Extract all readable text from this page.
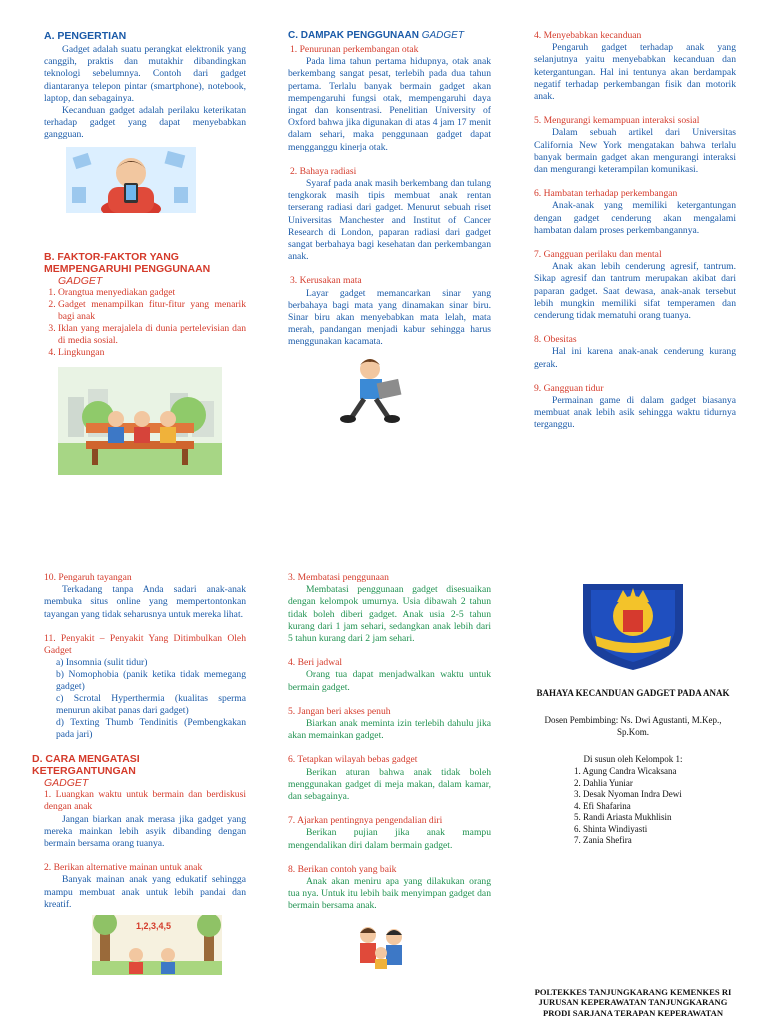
A. PENGERTIAN
Gadget adalah suatu perangkat elektronik yang canggih, praktis dan mutakhir dibandingkan teknologi sebelumnya. Contoh dari gadget diantaranya telepon pintar (smartphone), notebook, laptop, dan sebagainya.
Kecanduan gadget adalah perilaku keterikatan terhadap gadget yang dapat menyebabkan gangguan.
B. FAKTOR-FAKTOR YANG MEMPENGARUHI PENGGUNAAN
GADGET
1. Orangtua menyediakan gadget
2. Gadget menampilkan fitur-fitur yang menarik bagi anak
3. Iklan yang merajalela di dunia pertelevisian dan di media sosial.
4. Lingkungan
C. DAMPAK PENGGUNAAN GADGET
1. Penurunan perkembangan otak
Pada lima tahun pertama hidupnya, otak anak berkembang sangat pesat, terlebih pada dua tahun pertama. Terlalu banyak bermain gadget akan mempengaruhi fungsi otak, mempengaruhi daya ingat dan konsentrasi. Penelitian University of Oxford bahwa jika digunakan di atas 4 jam 17 menit dalam sehari, maka penggunaan gadget dapat mengganggu kinerja otak.
2. Bahaya radiasi
Syaraf pada anak masih berkembang dan tulang tengkorak masih tipis membuat anak rentan terserang radiasi dari gadget. Menurut sebuah riset Universitas Manchester and Institut of Cancer Research di London, paparan radiasi dari gadget sangat berbahaya bagi kesehatan dan perkembangan anak.
3. Kerusakan mata
Layar gadget memancarkan sinar yang berbahaya bagi mata yang dinamakan sinar biru. Sinar biru akan menyebabkan mata lelah, mata merah, pandangan menjadi kabur sehingga harus menggunakan kacamata.
4. Menyebabkan kecanduan
Pengaruh gadget terhadap anak yang selanjutnya yaitu menyebabkan kecanduan dan ketergantungan. Hal ini tentunya akan berdampak negatif terhadap perkembangan fisik dan motorik anak.
5. Mengurangi kemampuan interaksi sosial
Dalam sebuah artikel dari Universitas California New York mengatakan bahwa terlalu banyak bermain gadget akan mengurangi interaksi dan mengurangi keterampilan komunikasi.
6. Hambatan terhadap perkembangan
Anak-anak yang memiliki ketergantungan dengan gadget cenderung akan mengalami hambatan dalam proses perkembangannya.
7. Gangguan perilaku dan mental
Anak akan lebih cenderung agresif, tantrum. Sikap agresif dan tantrum merupakan akibat dari paparan gadget. Saat dewasa, anak-anak tersebut lebih mungkin memiliki sifat temperamen dan cenderung tidak mematuhi orang tuanya.
8. Obesitas
Hal ini karena anak-anak cenderung kurang gerak.
9. Gangguan tidur
Permainan game di dalam gadget biasanya membuat anak lebih asik sehingga waktu tidurnya terganggu.
10. Pengaruh tayangan
Terkadang tanpa Anda sadari anak-anak membuka situs online yang mempertontonkan tayangan yang tidak seharusnya untuk mereka lihat.
11. Penyakit – Penyakit Yang Ditimbulkan Oleh Gadget
a) Insomnia (sulit tidur)
b) Nomophobia (panik ketika tidak memegang gadget)
c) Scrotal Hyperthermia (kualitas sperma menurun akibat panas dari gadget)
d) Texting Thumb Tendinitis (Pembengkakan pada jari)
D. CARA MENGATASI KETERGANTUNGAN
GADGET
1. Luangkan waktu untuk bermain dan berdiskusi dengan anak
Jangan biarkan anak merasa jika gadget yang mereka mainkan lebih asyik dibanding dengan bermain bersama orang tuanya.
2. Berikan alternative mainan untuk anak
Banyak mainan anak yang edukatif sehingga mampu membuat anak untuk lebih pandai dan kreatif.
1,2,3,4,5
3. Membatasi penggunaan
Membatasi penggunaan gadget disesuaikan dengan kelompok umurnya. Usia dibawah 2 tahun tidak boleh diberi gadget. Anak usia 2-5 tahun kurang dari 1 jam sehari, sedangkan anak lebih dari 5 tahun kurang dari 2 jam sehari.
4. Beri jadwal
Orang tua dapat menjadwalkan waktu untuk bermain gadget.
5. Jangan beri akses penuh
Biarkan anak meminta izin terlebih dahulu jika akan memainkan gadget.
6. Tetapkan wilayah bebas gadget
Berikan aturan bahwa anak tidak boleh menggunakan gadget di meja makan, dalam kamar, dan sebagainya.
7. Ajarkan pentingnya pengendalian diri
Berikan pujian jika anak mampu mengendalikan diri dalam bermain gadget.
8. Berikan contoh yang baik
Anak akan meniru apa yang dilakukan orang tua nya. Untuk itu lebih baik menyimpan gadget dan bermain bersama anak.
BAHAYA KECANDUAN GADGET PADA ANAK
Dosen Pembimbing: Ns. Dwi Agustanti, M.Kep., Sp.Kom.
Di susun oleh Kelompok 1:
1. Agung Candra Wicaksana
2. Dahlia Yuniar
3. Desak Nyoman Indra Dewi
4. Efi Shafarina
5. Randi Ariasta Mukhlisin
6. Shinta Windiyasti
7. Zania Shefira
POLTEKKES TANJUNGKARANG KEMENKES RI
JURUSAN KEPERAWATAN TANJUNGKARANG
PRODI SARJANA TERAPAN KEPERAWATAN
